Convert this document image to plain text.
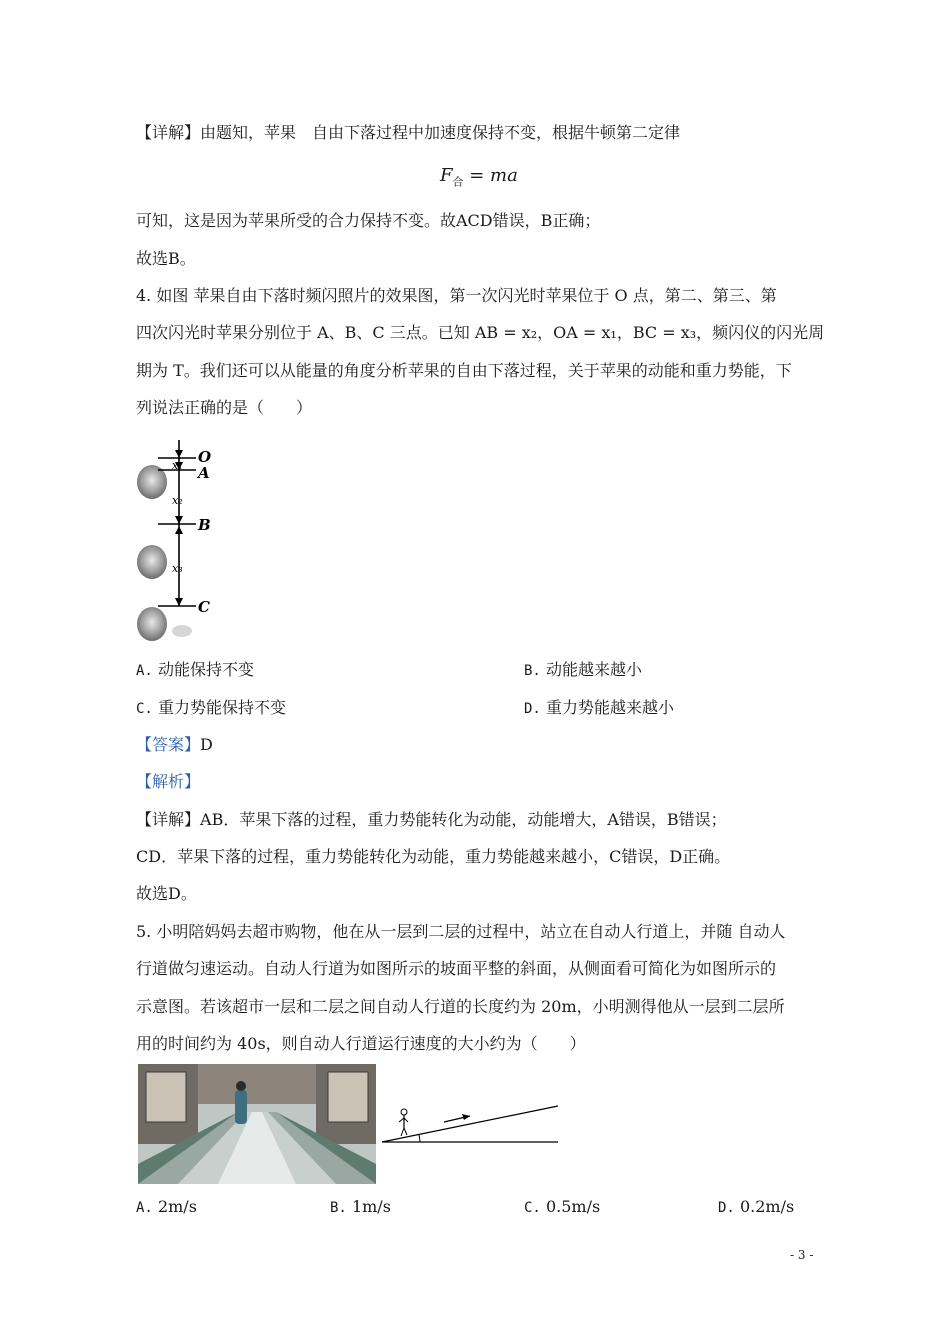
【详解】由题知，苹果　自由下落过程中加速度保持不变，根据牛顿第二定律
$F_合$ = ma
可知，这是因为苹果所受的合力保持不变。故ACD错误，B正确；
故选B。
4. 如图 苹果自由下落时频闪照片的效果图，第一次闪光时苹果位于 O 点，第二、第三、第
四次闪光时苹果分别位于 A、B、C 三点。已知 AB = x₂，OA = x₁，BC = x₃，频闪仪的闪光周
期为 T。我们还可以从能量的角度分析苹果的自由下落过程，关于苹果的动能和重力势能，下
列说法正确的是（　　）
O
A
B
C
x₁
x₂
x₃
A. 动能保持不变	B. 动能越来越小
C. 重力势能保持不变	D. 重力势能越来越小
【答案】D
【解析】
【详解】AB．苹果下落的过程，重力势能转化为动能，动能增大，A错误，B错误；
CD．苹果下落的过程，重力势能转化为动能，重力势能越来越小，C错误，D正确。
故选D。
5. 小明陪妈妈去超市购物，他在从一层到二层的过程中，站立在自动人行道上，并随 自动人
行道做匀速运动。自动人行道为如图所示的坡面平整的斜面，从侧面看可简化为如图所示的
示意图。若该超市一层和二层之间自动人行道的长度约为 20m，小明测得他从一层到二层所
用的时间约为 40s，则自动人行道运行速度的大小约为（　　）
A. 2m/s	B. 1m/s	C. 0.5m/s	D. 0.2m/s
- 3 -
